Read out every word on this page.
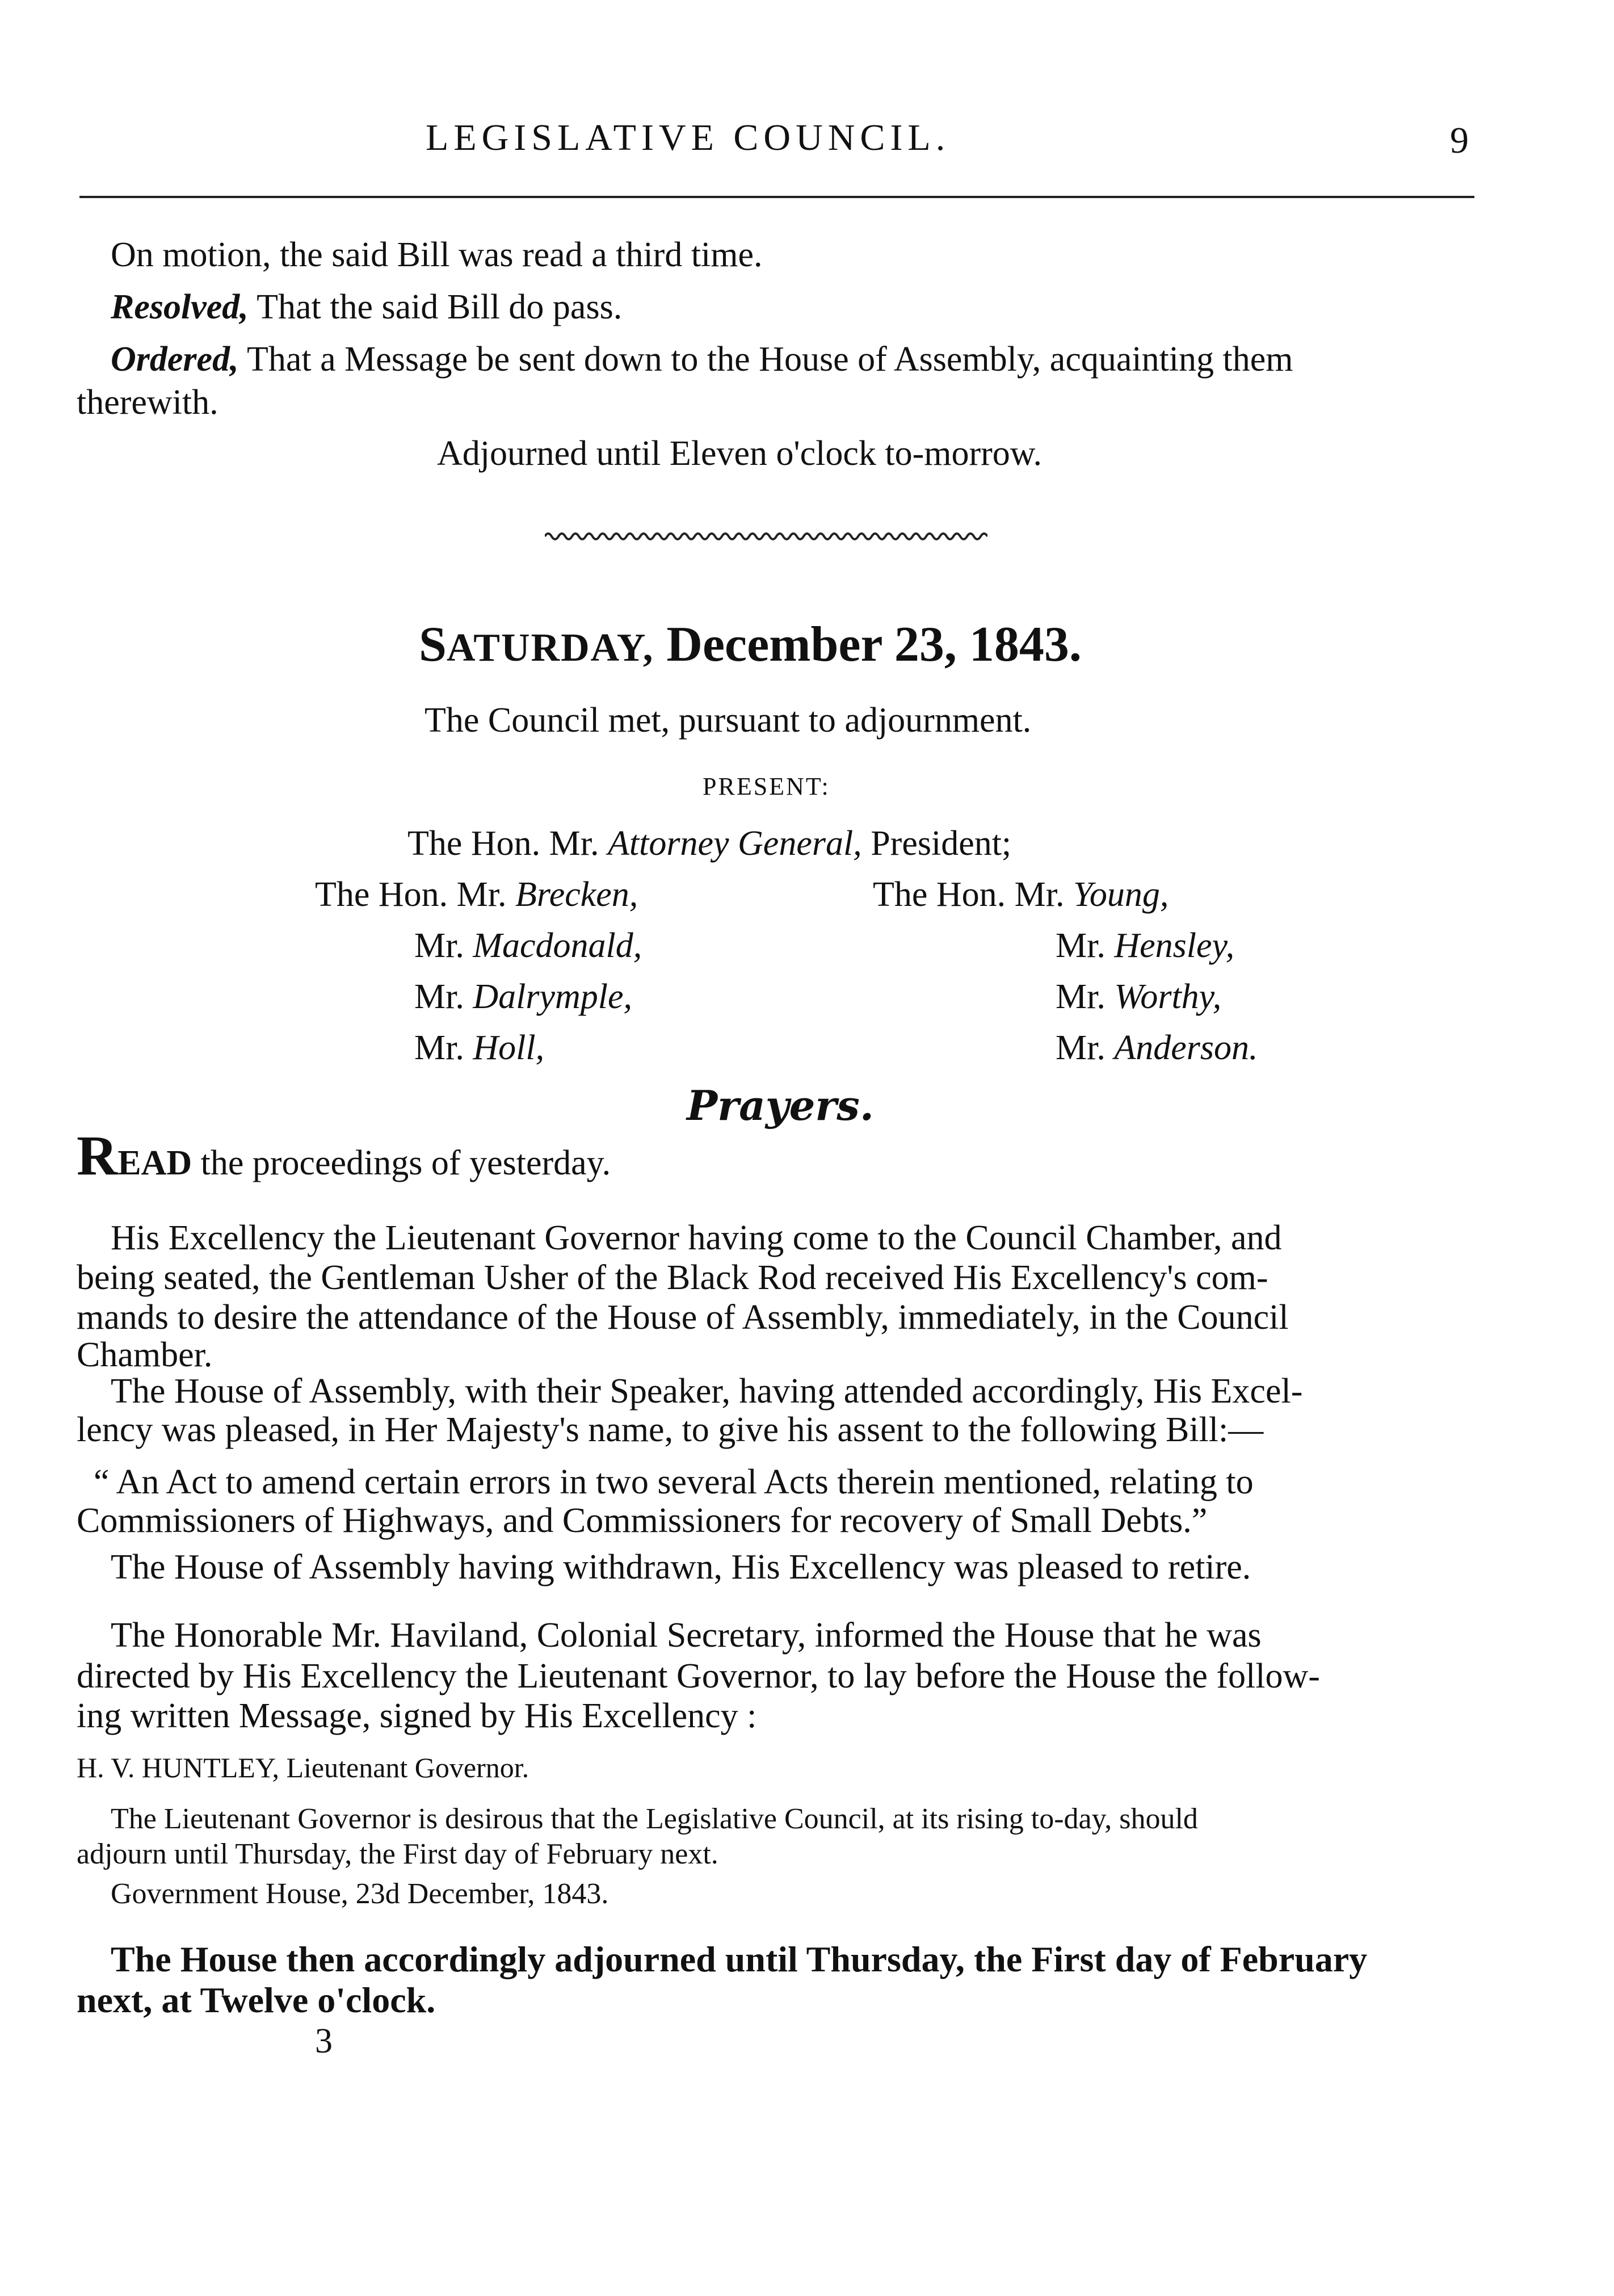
LEGISLATIVE COUNCIL.	9
On motion, the said Bill was read a third time.
Resolved, That the said Bill do pass.
Ordered, That a Message be sent down to the House of Assembly, acquainting them
therewith.
Adjourned until Eleven o'clock to-morrow.
SATURDAY, December 23, 1843.
The Council met, pursuant to adjournment.
PRESENT:
The Hon. Mr. Attorney General, President;
The Hon. Mr. Brecken,
Mr. Macdonald,
Mr. Dalrymple,
Mr. Holl,
The Hon. Mr. Young,
Mr. Hensley,
Mr. Worthy,
Mr. Anderson.
Prayers.
READ the proceedings of yesterday.
His Excellency the Lieutenant Governor having come to the Council Chamber, and
being seated, the Gentleman Usher of the Black Rod received His Excellency's com-
mands to desire the attendance of the House of Assembly, immediately, in the Council
Chamber.
The House of Assembly, with their Speaker, having attended accordingly, His Excel-
lency was pleased, in Her Majesty's name, to give his assent to the following Bill:—
“ An Act to amend certain errors in two several Acts therein mentioned, relating to
Commissioners of Highways, and Commissioners for recovery of Small Debts.”
The House of Assembly having withdrawn, His Excellency was pleased to retire.
The Honorable Mr. Haviland, Colonial Secretary, informed the House that he was
directed by His Excellency the Lieutenant Governor, to lay before the House the follow-
ing written Message, signed by His Excellency :
H. V. HUNTLEY, Lieutenant Governor.
The Lieutenant Governor is desirous that the Legislative Council, at its rising to-day, should
adjourn until Thursday, the First day of February next.
Government House, 23d December, 1843.
The House then accordingly adjourned until Thursday, the First day of February
next, at Twelve o'clock.
3
